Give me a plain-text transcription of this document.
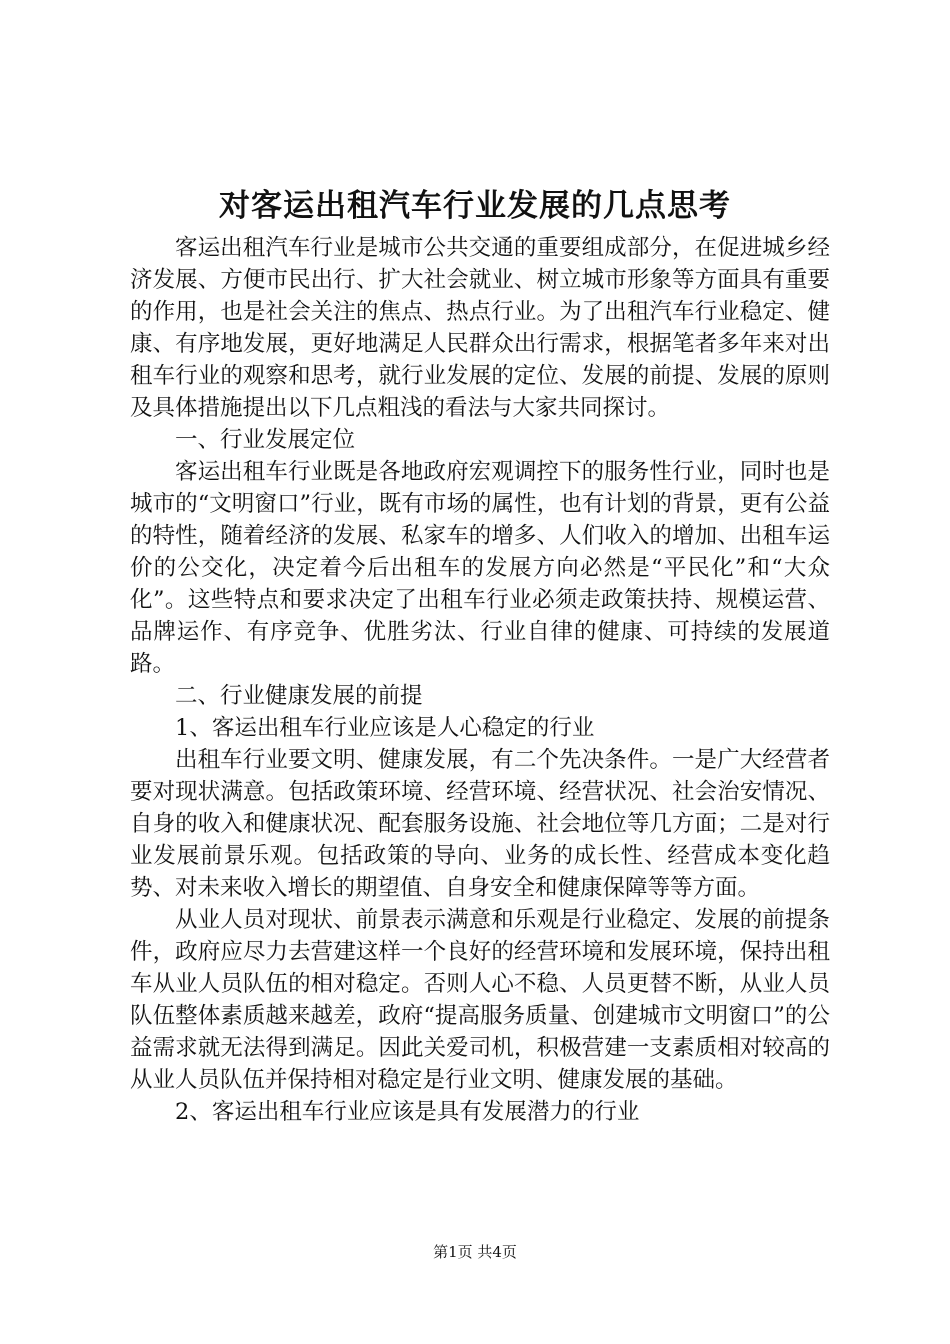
对客运出租汽车行业发展的几点思考

客运出租汽车行业是城市公共交通的重要组成部分，在促进城乡经济发展、方便市民出行、扩大社会就业、树立城市形象等方面具有重要的作用，也是社会关注的焦点、热点行业。为了出租汽车行业稳定、健康、有序地发展，更好地满足人民群众出行需求，根据笔者多年来对出租车行业的观察和思考，就行业发展的定位、发展的前提、发展的原则及具体措施提出以下几点粗浅的看法与大家共同探讨。

一、行业发展定位

客运出租车行业既是各地政府宏观调控下的服务性行业，同时也是城市的“文明窗口”行业，既有市场的属性，也有计划的背景，更有公益的特性，随着经济的发展、私家车的增多、人们收入的增加、出租车运价的公交化，决定着今后出租车的发展方向必然是“平民化”和“大众化”。这些特点和要求决定了出租车行业必须走政策扶持、规模运营、品牌运作、有序竞争、优胜劣汰、行业自律的健康、可持续的发展道路。

二、行业健康发展的前提

1、客运出租车行业应该是人心稳定的行业

出租车行业要文明、健康发展，有二个先决条件。一是广大经营者要对现状满意。包括政策环境、经营环境、经营状况、社会治安情况、自身的收入和健康状况、配套服务设施、社会地位等几方面；二是对行业发展前景乐观。包括政策的导向、业务的成长性、经营成本变化趋势、对未来收入增长的期望值、自身安全和健康保障等等方面。

从业人员对现状、前景表示满意和乐观是行业稳定、发展的前提条件，政府应尽力去营建这样一个良好的经营环境和发展环境，保持出租车从业人员队伍的相对稳定。否则人心不稳、人员更替不断，从业人员队伍整体素质越来越差，政府“提高服务质量、创建城市文明窗口”的公益需求就无法得到满足。因此关爱司机，积极营建一支素质相对较高的从业人员队伍并保持相对稳定是行业文明、健康发展的基础。

2、客运出租车行业应该是具有发展潜力的行业

第1页 共4页
